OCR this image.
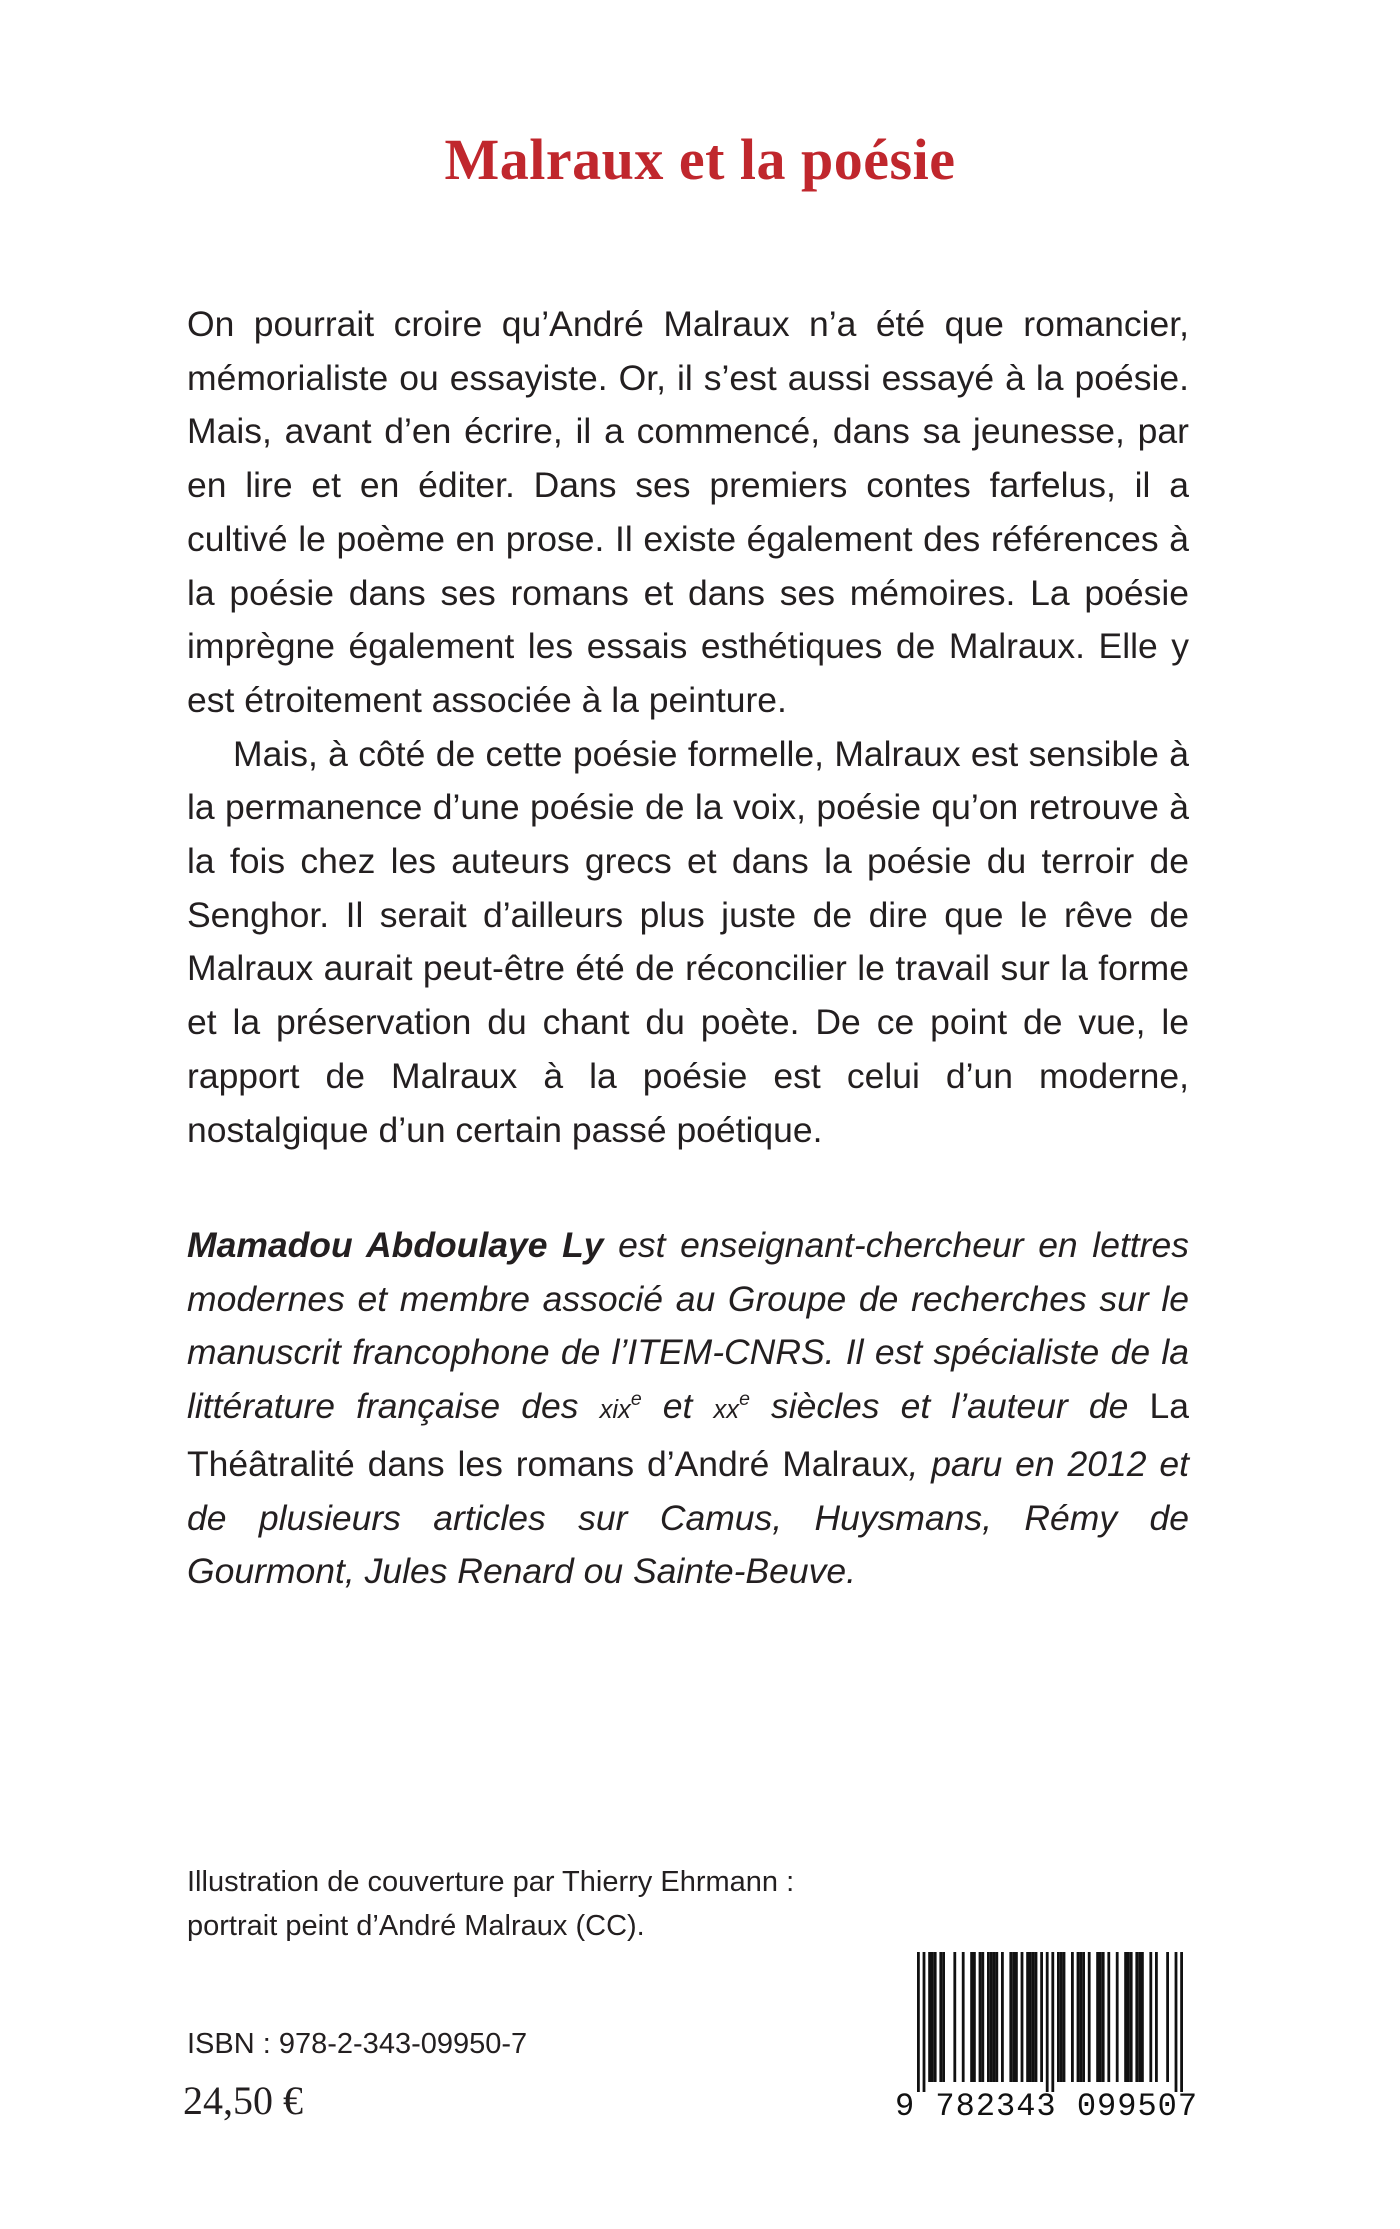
Malraux et la poésie

On pourrait croire qu’André Malraux n’a été que romancier, mémorialiste ou essayiste. Or, il s’est aussi essayé à la poésie. Mais, avant d’en écrire, il a commencé, dans sa jeunesse, par en lire et en éditer. Dans ses premiers contes farfelus, il a cultivé le poème en prose. Il existe également des références à la poésie dans ses romans et dans ses mémoires. La poésie imprègne également les essais esthétiques de Malraux. Elle y est étroitement associée à la peinture.

Mais, à côté de cette poésie formelle, Malraux est sensible à la permanence d’une poésie de la voix, poésie qu’on retrouve à la fois chez les auteurs grecs et dans la poésie du terroir de Senghor. Il serait d’ailleurs plus juste de dire que le rêve de Malraux aurait peut-être été de réconcilier le travail sur la forme et la préservation du chant du poète. De ce point de vue, le rapport de Malraux à la poésie est celui d’un moderne, nostalgique d’un certain passé poétique.

Mamadou Abdoulaye Ly est enseignant-chercheur en lettres modernes et membre associé au Groupe de recherches sur le manuscrit francophone de l’ITEM-CNRS. Il est spécialiste de la littérature française des xix$^e$ et $xx^e$ siècles et l’auteur de La Théâtralité dans les romans d’André Malraux, paru en 2012 et de plusieurs articles sur Camus, Huysmans, Rémy de Gourmont, Jules Renard ou Sainte-Beuve.

Illustration de couverture par Thierry Ehrmann :
portrait peint d’André Malraux (CC).
ISBN : 978-2-343-09950-7
24,50 €	9 782343 099507
